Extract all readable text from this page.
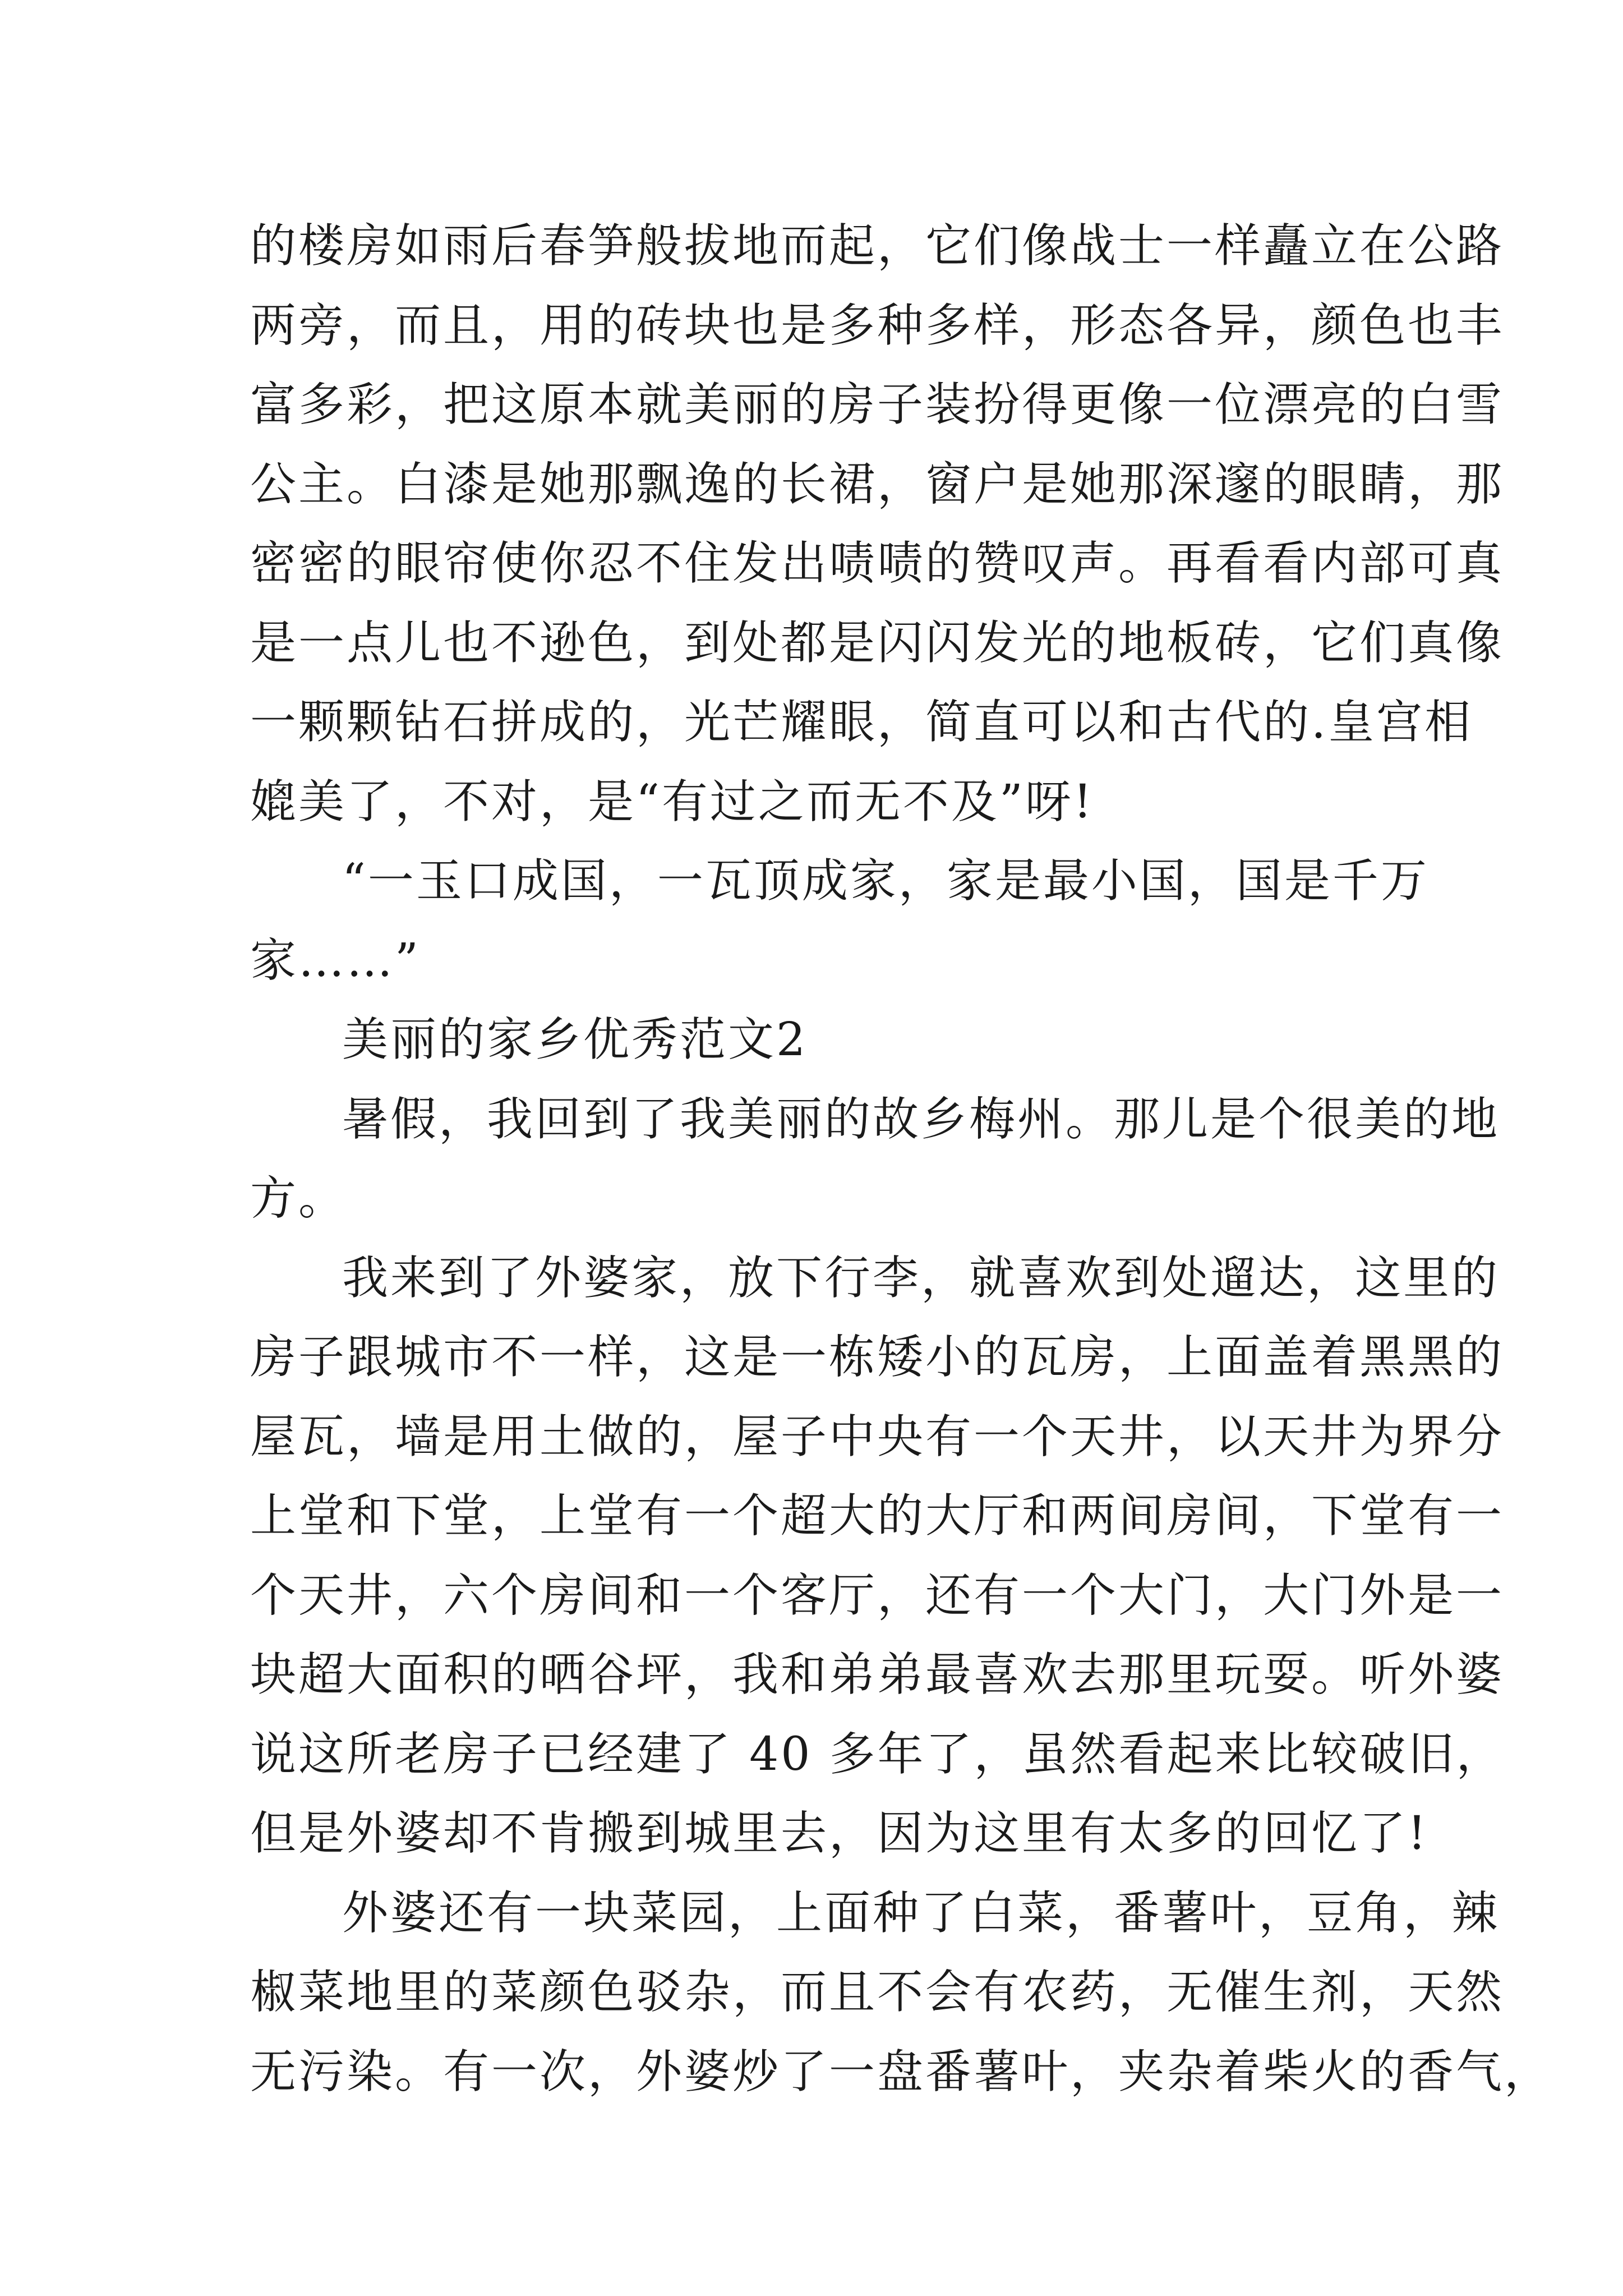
的楼房如雨后春笋般拔地而起，它们像战士一样矗立在公路
两旁，而且，用的砖块也是多种多样，形态各异，颜色也丰
富多彩，把这原本就美丽的房子装扮得更像一位漂亮的白雪
公主。白漆是她那飘逸的长裙，窗户是她那深邃的眼睛，那
密密的眼帘使你忍不住发出啧啧的赞叹声。再看看内部可真
是一点儿也不逊色，到处都是闪闪发光的地板砖，它们真像
一颗颗钻石拼成的，光芒耀眼，简直可以和古代的.皇宫相
媲美了，不对，是“有过之而无不及”呀!
“一玉口成国，一瓦顶成家，家是最小国，国是千万
家……”
美丽的家乡优秀范文2
暑假，我回到了我美丽的故乡梅州。那儿是个很美的地
方。
我来到了外婆家，放下行李，就喜欢到处遛达，这里的
房子跟城市不一样，这是一栋矮小的瓦房，上面盖着黑黑的
屋瓦，墙是用土做的，屋子中央有一个天井，以天井为界分
上堂和下堂，上堂有一个超大的大厅和两间房间，下堂有一
个天井，六个房间和一个客厅，还有一个大门，大门外是一
块超大面积的晒谷坪，我和弟弟最喜欢去那里玩耍。听外婆
说这所老房子已经建了 40 多年了，虽然看起来比较破旧，
但是外婆却不肯搬到城里去，因为这里有太多的回忆了!
外婆还有一块菜园，上面种了白菜，番薯叶，豆角，辣
椒菜地里的菜颜色驳杂，而且不会有农药，无催生剂，天然
无污染。有一次，外婆炒了一盘番薯叶，夹杂着柴火的香气，
